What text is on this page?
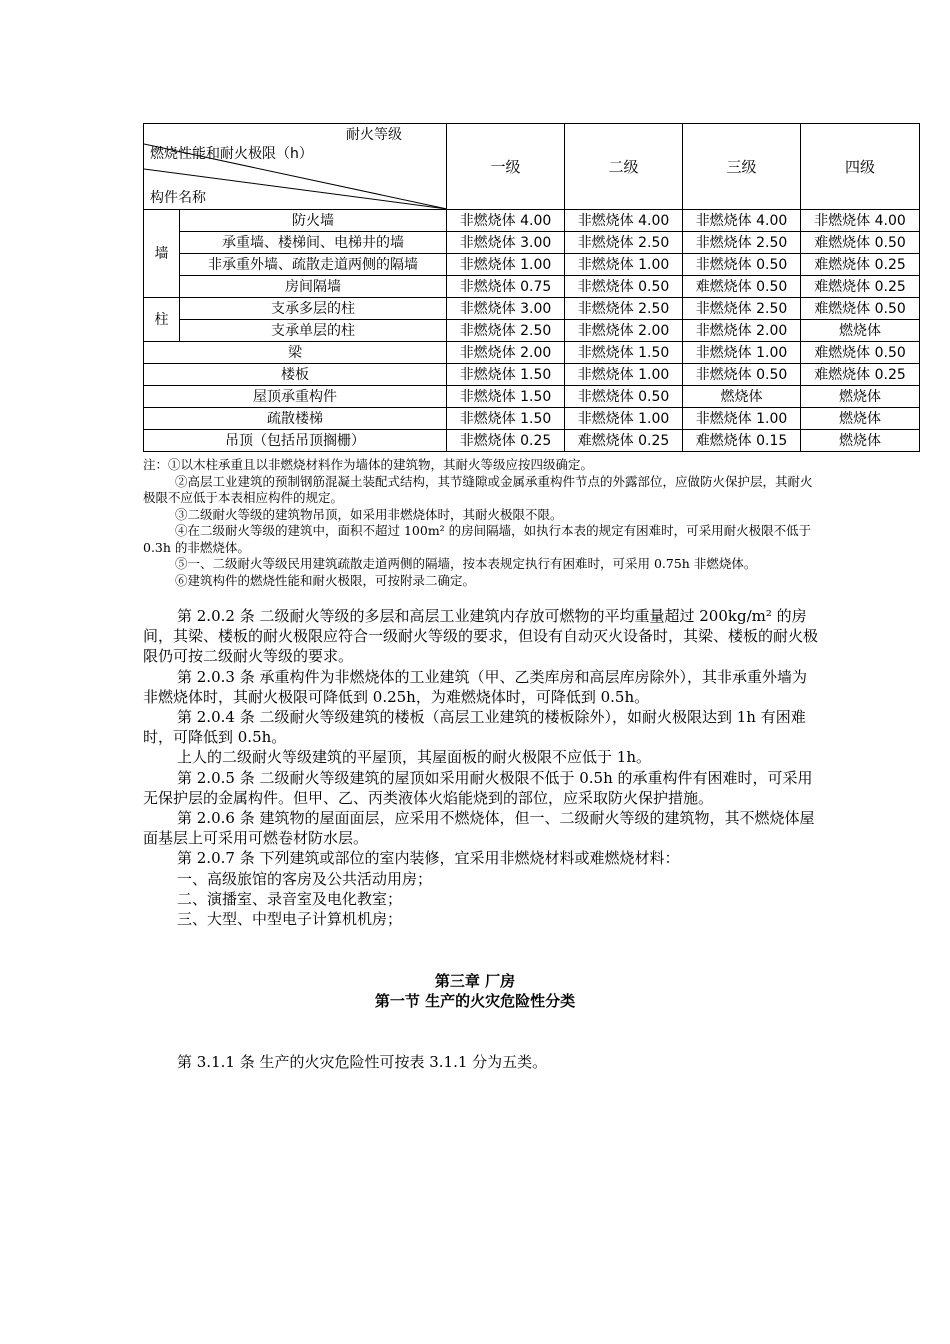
耐火等级
燃烧性能和耐火极限（h）
构件名称		一级	二级	三级	四级
墙	防火墙	非燃烧体 4.00	非燃烧体 4.00	非燃烧体 4.00	非燃烧体 4.00
	承重墙、楼梯间、电梯井的墙	非燃烧体 3.00	非燃烧体 2.50	非燃烧体 2.50	难燃烧体 0.50
	非承重外墙、疏散走道两侧的隔墙	非燃烧体 1.00	非燃烧体 1.00	非燃烧体 0.50	难燃烧体 0.25
	房间隔墙	非燃烧体 0.75	非燃烧体 0.50	难燃烧体 0.50	难燃烧体 0.25
柱	支承多层的柱	非燃烧体 3.00	非燃烧体 2.50	非燃烧体 2.50	难燃烧体 0.50
	支承单层的柱	非燃烧体 2.50	非燃烧体 2.00	非燃烧体 2.00	燃烧体
梁		非燃烧体 2.00	非燃烧体 1.50	非燃烧体 1.00	难燃烧体 0.50
楼板		非燃烧体 1.50	非燃烧体 1.00	非燃烧体 0.50	难燃烧体 0.25
屋顶承重构件		非燃烧体 1.50	非燃烧体 0.50	燃烧体	燃烧体
疏散楼梯		非燃烧体 1.50	非燃烧体 1.00	非燃烧体 1.00	燃烧体
吊顶（包括吊顶搁栅）		非燃烧体 0.25	难燃烧体 0.25	难燃烧体 0.15	燃烧体

注：①以木柱承重且以非燃烧材料作为墙体的建筑物，其耐火等级应按四级确定。

②高层工业建筑的预制钢筋混凝土装配式结构，其节缝隙或金属承重构件节点的外露部位，应做防火保护层，其耐火极限不应低于本表相应构件的规定。

③二级耐火等级的建筑物吊顶，如采用非燃烧体时，其耐火极限不限。

④在二级耐火等级的建筑中，面积不超过 100m² 的房间隔墙，如执行本表的规定有困难时，可采用耐火极限不低于 0.3h 的非燃烧体。

⑤一、二级耐火等级民用建筑疏散走道两侧的隔墙，按本表规定执行有困难时，可采用 0.75h 非燃烧体。

⑥建筑构件的燃烧性能和耐火极限，可按附录二确定。

第 2.0.2 条 二级耐火等级的多层和高层工业建筑内存放可燃物的平均重量超过 200kg/m² 的房间，其梁、楼板的耐火极限应符合一级耐火等级的要求，但设有自动灭火设备时，其梁、楼板的耐火极限仍可按二级耐火等级的要求。

第 2.0.3 条 承重构件为非燃烧体的工业建筑（甲、乙类库房和高层库房除外），其非承重外墙为非燃烧体时，其耐火极限可降低到 0.25h，为难燃烧体时，可降低到 0.5h。

第 2.0.4 条 二级耐火等级建筑的楼板（高层工业建筑的楼板除外），如耐火极限达到 1h 有困难时，可降低到 0.5h。

上人的二级耐火等级建筑的平屋顶，其屋面板的耐火极限不应低于 1h。

第 2.0.5 条 二级耐火等级建筑的屋顶如采用耐火极限不低于 0.5h 的承重构件有困难时，可采用无保护层的金属构件。但甲、乙、丙类液体火焰能烧到的部位，应采取防火保护措施。

第 2.0.6 条 建筑物的屋面面层，应采用不燃烧体，但一、二级耐火等级的建筑物，其不燃烧体屋面基层上可采用可燃卷材防水层。

第 2.0.7 条 下列建筑或部位的室内装修，宜采用非燃烧材料或难燃烧材料：

一、高级旅馆的客房及公共活动用房；

二、演播室、录音室及电化教室；

三、大型、中型电子计算机机房；

第三章 厂房
第一节 生产的火灾危险性分类
第 3.1.1 条 生产的火灾危险性可按表 3.1.1 分为五类。
